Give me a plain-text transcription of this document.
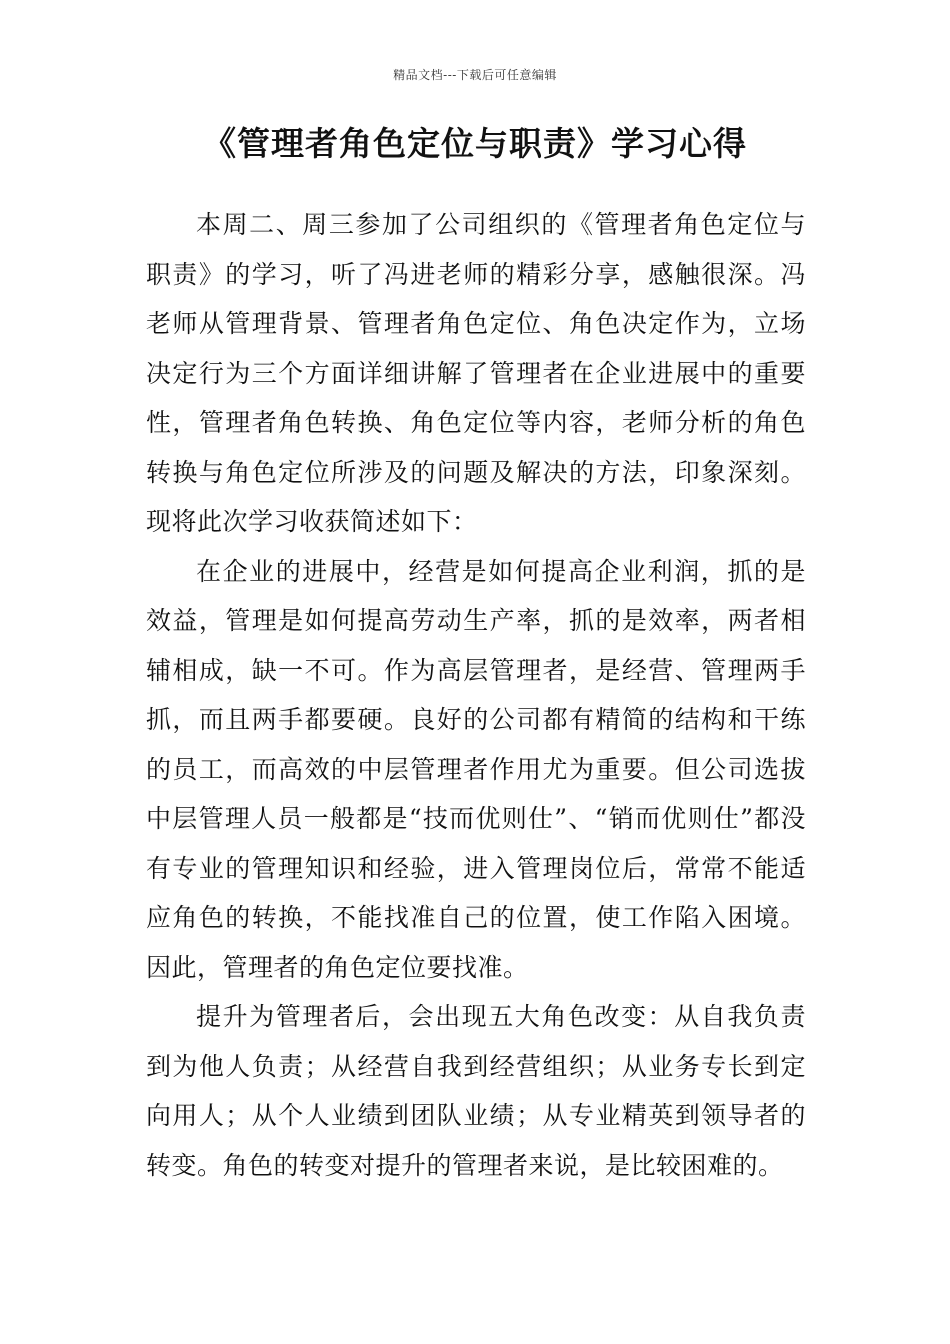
精品文档---下载后可任意编辑
《管理者角色定位与职责》学习心得

本周二、周三参加了公司组织的《管理者角色定位与职责》的学习，听了冯进老师的精彩分享，感触很深。冯老师从管理背景、管理者角色定位、角色决定作为，立场决定行为三个方面详细讲解了管理者在企业进展中的重要性，管理者角色转换、角色定位等内容，老师分析的角色转换与角色定位所涉及的问题及解决的方法，印象深刻。现将此次学习收获简述如下：

在企业的进展中，经营是如何提高企业利润，抓的是效益，管理是如何提高劳动生产率，抓的是效率，两者相辅相成，缺一不可。作为高层管理者，是经营、管理两手抓，而且两手都要硬。良好的公司都有精简的结构和干练的员工，而高效的中层管理者作用尤为重要。但公司选拔中层管理人员一般都是“技而优则仕”、“销而优则仕”都没有专业的管理知识和经验，进入管理岗位后，常常不能适应角色的转换，不能找准自己的位置，使工作陷入困境。因此，管理者的角色定位要找准。

提升为管理者后，会出现五大角色改变：从自我负责到为他人负责；从经营自我到经营组织；从业务专长到定向用人；从个人业绩到团队业绩；从专业精英到领导者的转变。角色的转变对提升的管理者来说，是比较困难的。
